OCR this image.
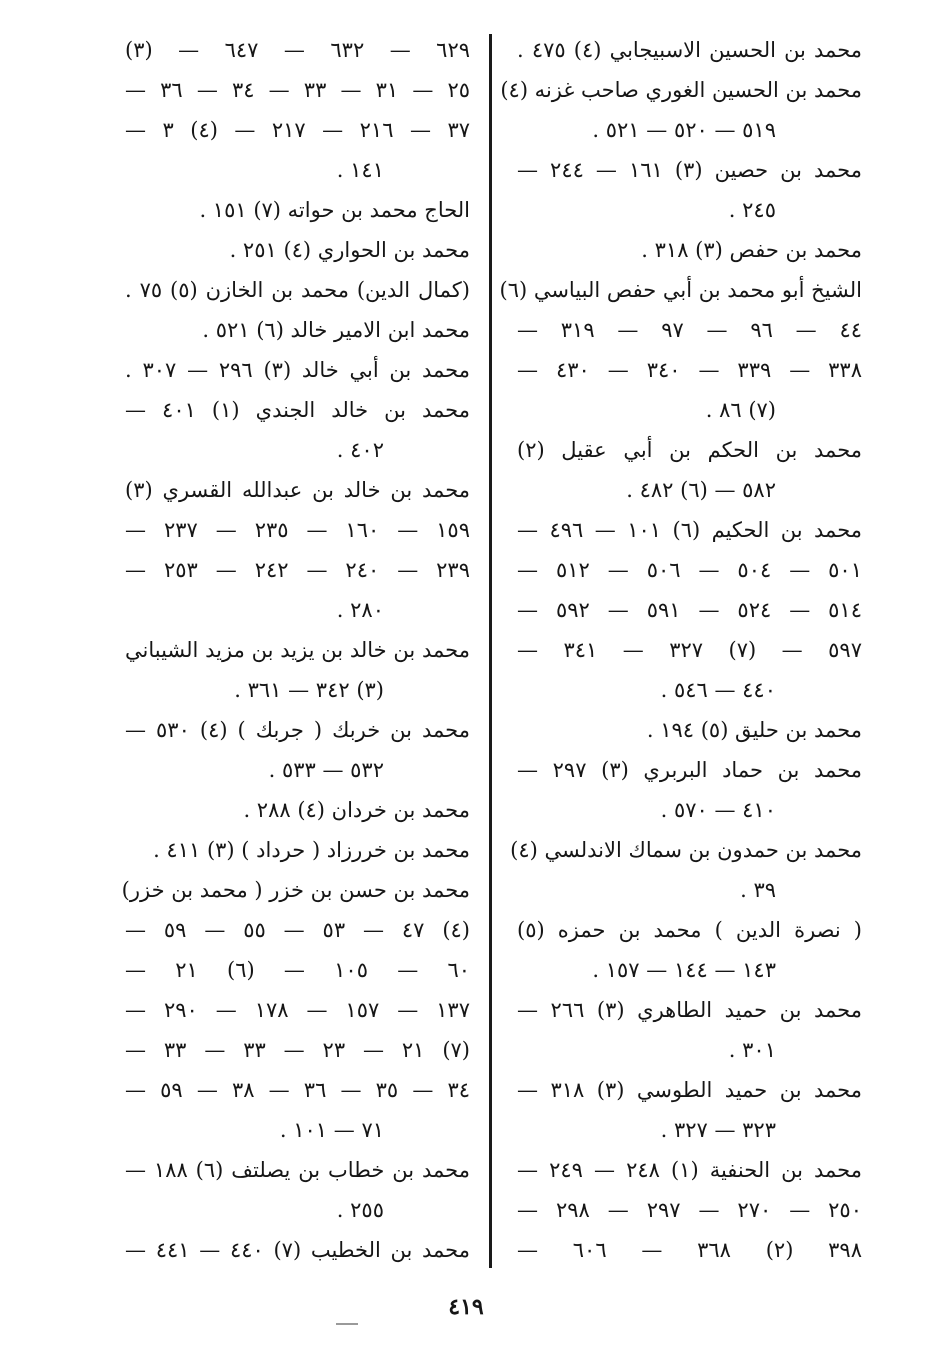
محمد بن الحسين الاسبيجابي (٤) ٤٧٥ .
محمد بن الحسين الغوري صاحب غزنه (٤)
٥١٩ — ٥٢٠ — ٥٢١ .
محمد بن حصين (٣) ١٦١ — ٢٤٤ —
٢٤٥ .
محمد بن حفص (٣) ٣١٨ .
الشيخ أبو محمد بن أبي حفص البياسي (٦)
٤٤ — ٩٦ — ٩٧ — ٣١٩ —
٣٣٨ — ٣٣٩ — ٣٤٠ — ٤٣٠ —
(٧) ٨٦ .
محمد بن الحكم بن أبي عقيل (٢)
٥٨٢ — (٦) ٤٨٢ .
محمد بن الحكيم (٦) ١٠١ — ٤٩٦ —
٥٠١ — ٥٠٤ — ٥٠٦ — ٥١٢ —
٥١٤ — ٥٢٤ — ٥٩١ — ٥٩٢ —
٥٩٧ — (٧) ٣٢٧ — ٣٤١ —
٤٤٠ — ٥٤٦ .
محمد بن حليق (٥) ١٩٤ .
محمد بن حماد البربري (٣) ٢٩٧ —
٤١٠ — ٥٧٠ .
محمد بن حمدون بن سماك الاندلسي (٤)
٣٩ .
( نصرة الدين ) محمد بن حمزه (٥)
١٤٣ — ١٤٤ — ١٥٧ .
محمد بن حميد الطاهري (٣) ٢٦٦ —
٣٠١ .
محمد بن حميد الطوسي (٣) ٣١٨ —
٣٢٣ — ٣٢٧ .
محمد بن الحنفية (١) ٢٤٨ — ٢٤٩ —
٢٥٠ — ٢٧٠ — ٢٩٧ — ٢٩٨ —
٣٩٨ (٢) ٣٦٨ — ٦٠٦ —
٦٢٩ — ٦٣٢ — ٦٤٧ — (٣)
٢٥ — ٣١ — ٣٣ — ٣٤ — ٣٦ —
٣٧ — ٢١٦ — ٢١٧ — (٤) ٣ —
١٤١ .
الحاج محمد بن حواته (٧) ١٥١ .
محمد بن الحواري (٤) ٢٥١ .
(كمال الدين) محمد بن الخازن (٥) ٧٥ .
محمد ابن الامير خالد (٦) ٥٢١ .
محمد بن أبي خالد (٣) ٢٩٦ — ٣٠٧ .
محمد بن خالد الجندي (١) ٤٠١ —
٤٠٢ .
محمد بن خالد بن عبدالله القسري (٣)
١٥٩ — ١٦٠ — ٢٣٥ — ٢٣٧ —
٢٣٩ — ٢٤٠ — ٢٤٢ — ٢٥٣ —
٢٨٠ .
محمد بن خالد بن يزيد بن مزيد الشيباني
(٣) ٣٤٢ — ٣٦١ .
محمد بن خربك ( جربك ) (٤) ٥٣٠ —
٥٣٢ — ٥٣٣ .
محمد بن خردان (٤) ٢٨٨ .
محمد بن خررزاد ( حرداد ) (٣) ٤١١ .
محمد بن حسن بن خزر ( محمد بن خزر)
(٤) ٤٧ — ٥٣ — ٥٥ — ٥٩ —
٦٠ — ١٠٥ — (٦) ٢١ —
١٣٧ — ١٥٧ — ١٧٨ — ٢٩٠ —
(٧) ٢١ — ٢٣ — ٣٣ — ٣٣ —
٣٤ — ٣٥ — ٣٦ — ٣٨ — ٥٩ —
٧١ — ١٠١ .
محمد بن خطاب بن يصلتف (٦) ١٨٨ —
٢٥٥ .
محمد بن الخطيب (٧) ٤٤٠ — ٤٤١ —
٤١٩
